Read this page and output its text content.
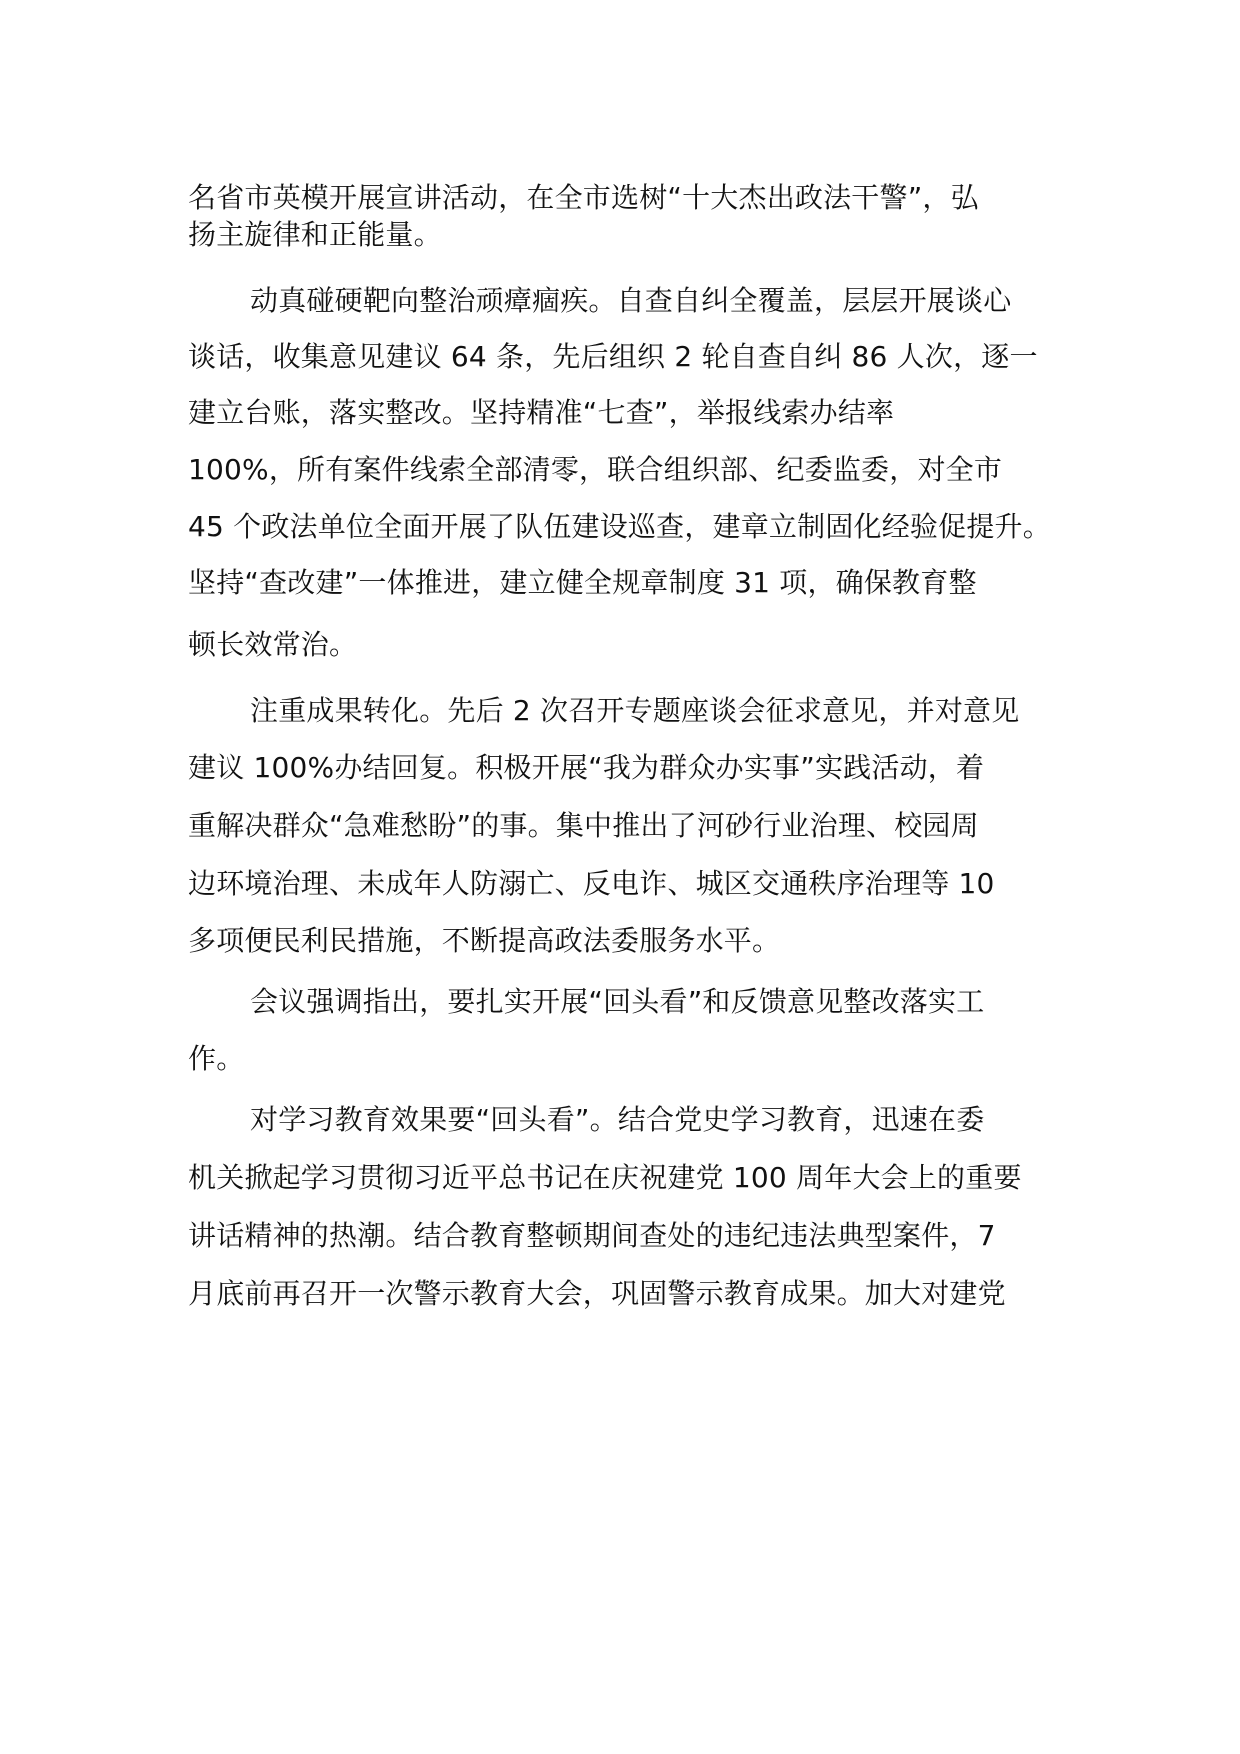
名省市英模开展宣讲活动，在全市选树“十大杰出政法干警”，弘
扬主旋律和正能量。
动真碰硬靶向整治顽瘴痼疾。自查自纠全覆盖，层层开展谈心
谈话，收集意见建议 64 条，先后组织 2 轮自查自纠 86 人次，逐一
建立台账，落实整改。坚持精准“七查”，举报线索办结率
100%，所有案件线索全部清零，联合组织部、纪委监委，对全市
45 个政法单位全面开展了队伍建设巡查，建章立制固化经验促提升。
坚持“查改建”一体推进，建立健全规章制度 31 项，确保教育整
顿长效常治。
注重成果转化。先后 2 次召开专题座谈会征求意见，并对意见
建议 100%办结回复。积极开展“我为群众办实事”实践活动，着
重解决群众“急难愁盼”的事。集中推出了河砂行业治理、校园周
边环境治理、未成年人防溺亡、反电诈、城区交通秩序治理等 10
多项便民利民措施，不断提高政法委服务水平。
会议强调指出，要扎实开展“回头看”和反馈意见整改落实工
作。
对学习教育效果要“回头看”。结合党史学习教育，迅速在委
机关掀起学习贯彻习近平总书记在庆祝建党 100 周年大会上的重要
讲话精神的热潮。结合教育整顿期间查处的违纪违法典型案件，7
月底前再召开一次警示教育大会，巩固警示教育成果。加大对建党
